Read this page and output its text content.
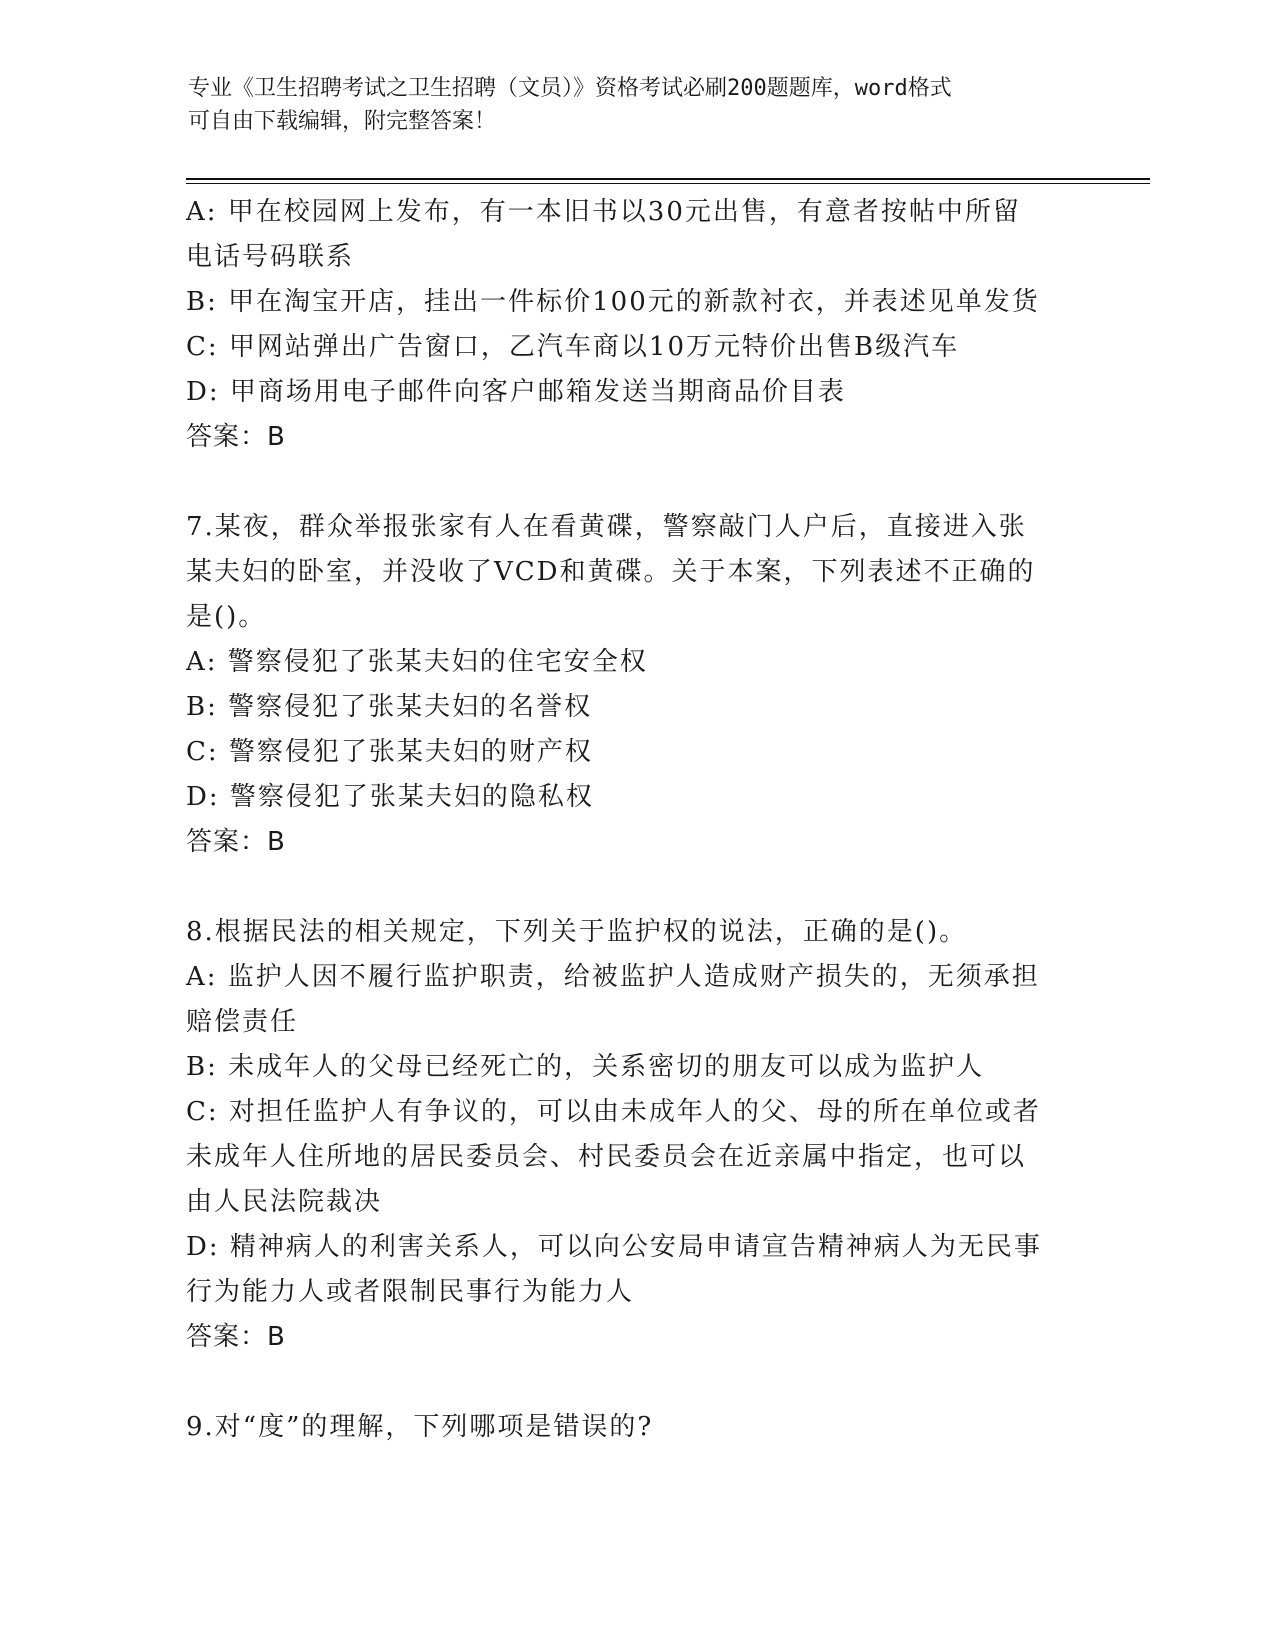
专业《卫生招聘考试之卫生招聘（文员）》资格考试必刷200题题库，word格式
可自由下载编辑，附完整答案！
A: 甲在校园网上发布，有一本旧书以30元出售，有意者按帖中所留
电话号码联系
B: 甲在淘宝开店，挂出一件标价100元的新款衬衣，并表述见单发货
C: 甲网站弹出广告窗口，乙汽车商以10万元特价出售B级汽车
D: 甲商场用电子邮件向客户邮箱发送当期商品价目表
答案：B
7.某夜，群众举报张家有人在看黄碟，警察敲门人户后，直接进入张
某夫妇的卧室，并没收了VCD和黄碟。关于本案，下列表述不正确的
是()。
A: 警察侵犯了张某夫妇的住宅安全权
B: 警察侵犯了张某夫妇的名誉权
C: 警察侵犯了张某夫妇的财产权
D: 警察侵犯了张某夫妇的隐私权
答案：B
8.根据民法的相关规定，下列关于监护权的说法，正确的是()。
A: 监护人因不履行监护职责，给被监护人造成财产损失的，无须承担
赔偿责任
B: 未成年人的父母已经死亡的，关系密切的朋友可以成为监护人
C: 对担任监护人有争议的，可以由未成年人的父、母的所在单位或者
未成年人住所地的居民委员会、村民委员会在近亲属中指定，也可以
由人民法院裁决
D: 精神病人的利害关系人，可以向公安局申请宣告精神病人为无民事
行为能力人或者限制民事行为能力人
答案：B
9.对“度”的理解，下列哪项是错误的?
